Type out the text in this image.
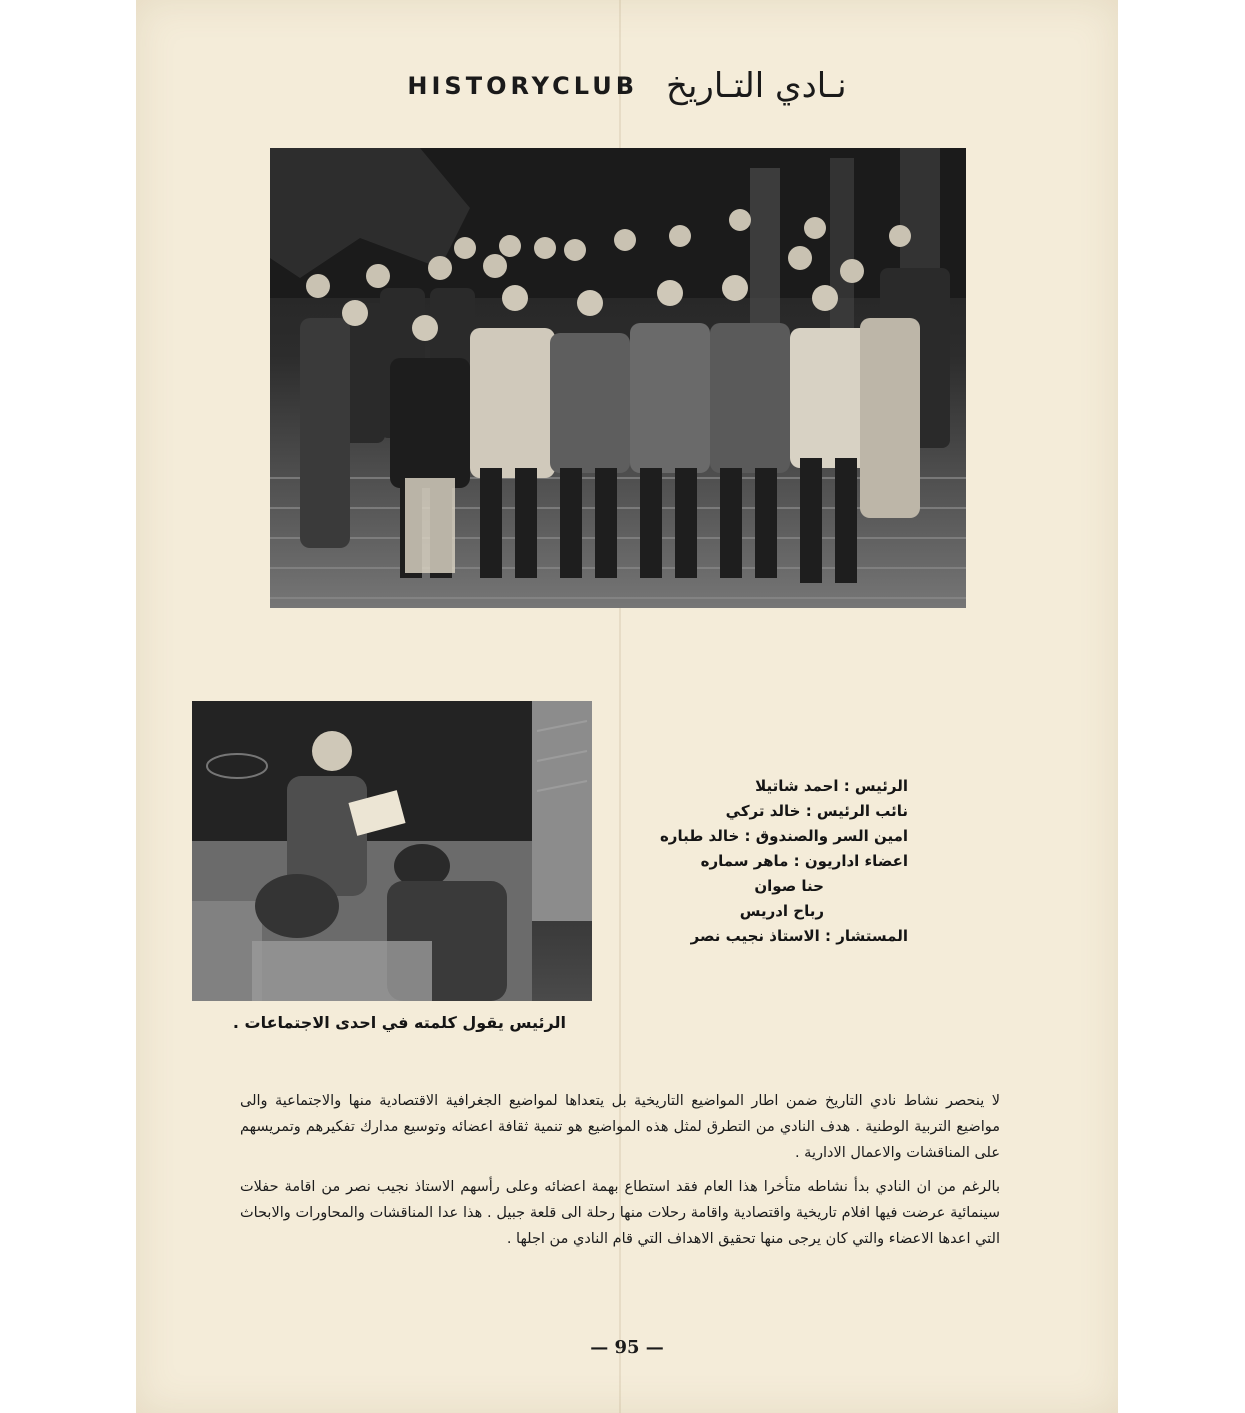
HISTORYCLUB نـادي التـاريخ
الرئيس : احمد شاتيلا
نائب الرئيس : خالد تركي
امين السر والصندوق : خالد طباره
اعضاء اداريون : ماهر سماره
حنا صوان
رباح ادريس
المستشار : الاستاذ نجيب نصر
الرئيس يقول كلمته في احدى الاجتماعات .

لا ينحصر نشاط نادي التاريخ ضمن اطار المواضيع التاريخية بل يتعداها لمواضيع الجغرافية الاقتصادية منها والاجتماعية والى مواضيع التربية الوطنية . هدف النادي من التطرق لمثل هذه المواضيع هو تنمية ثقافة اعضائه وتوسيع مدارك تفكيرهم وتمريسهم على المناقشات والاعمال الادارية .

بالرغم من ان النادي بدأ نشاطه متأخرا هذا العام فقد استطاع بهمة اعضائه وعلى رأسهم الاستاذ نجيب نصر من اقامة حفلات سينمائية عرضت فيها افلام تاريخية واقتصادية واقامة رحلات منها رحلة الى قلعة جبيل . هذا عدا المناقشات والمحاورات والابحاث التي اعدها الاعضاء والتي كان يرجى منها تحقيق الاهداف التي قام النادي من اجلها .

— 95 —
